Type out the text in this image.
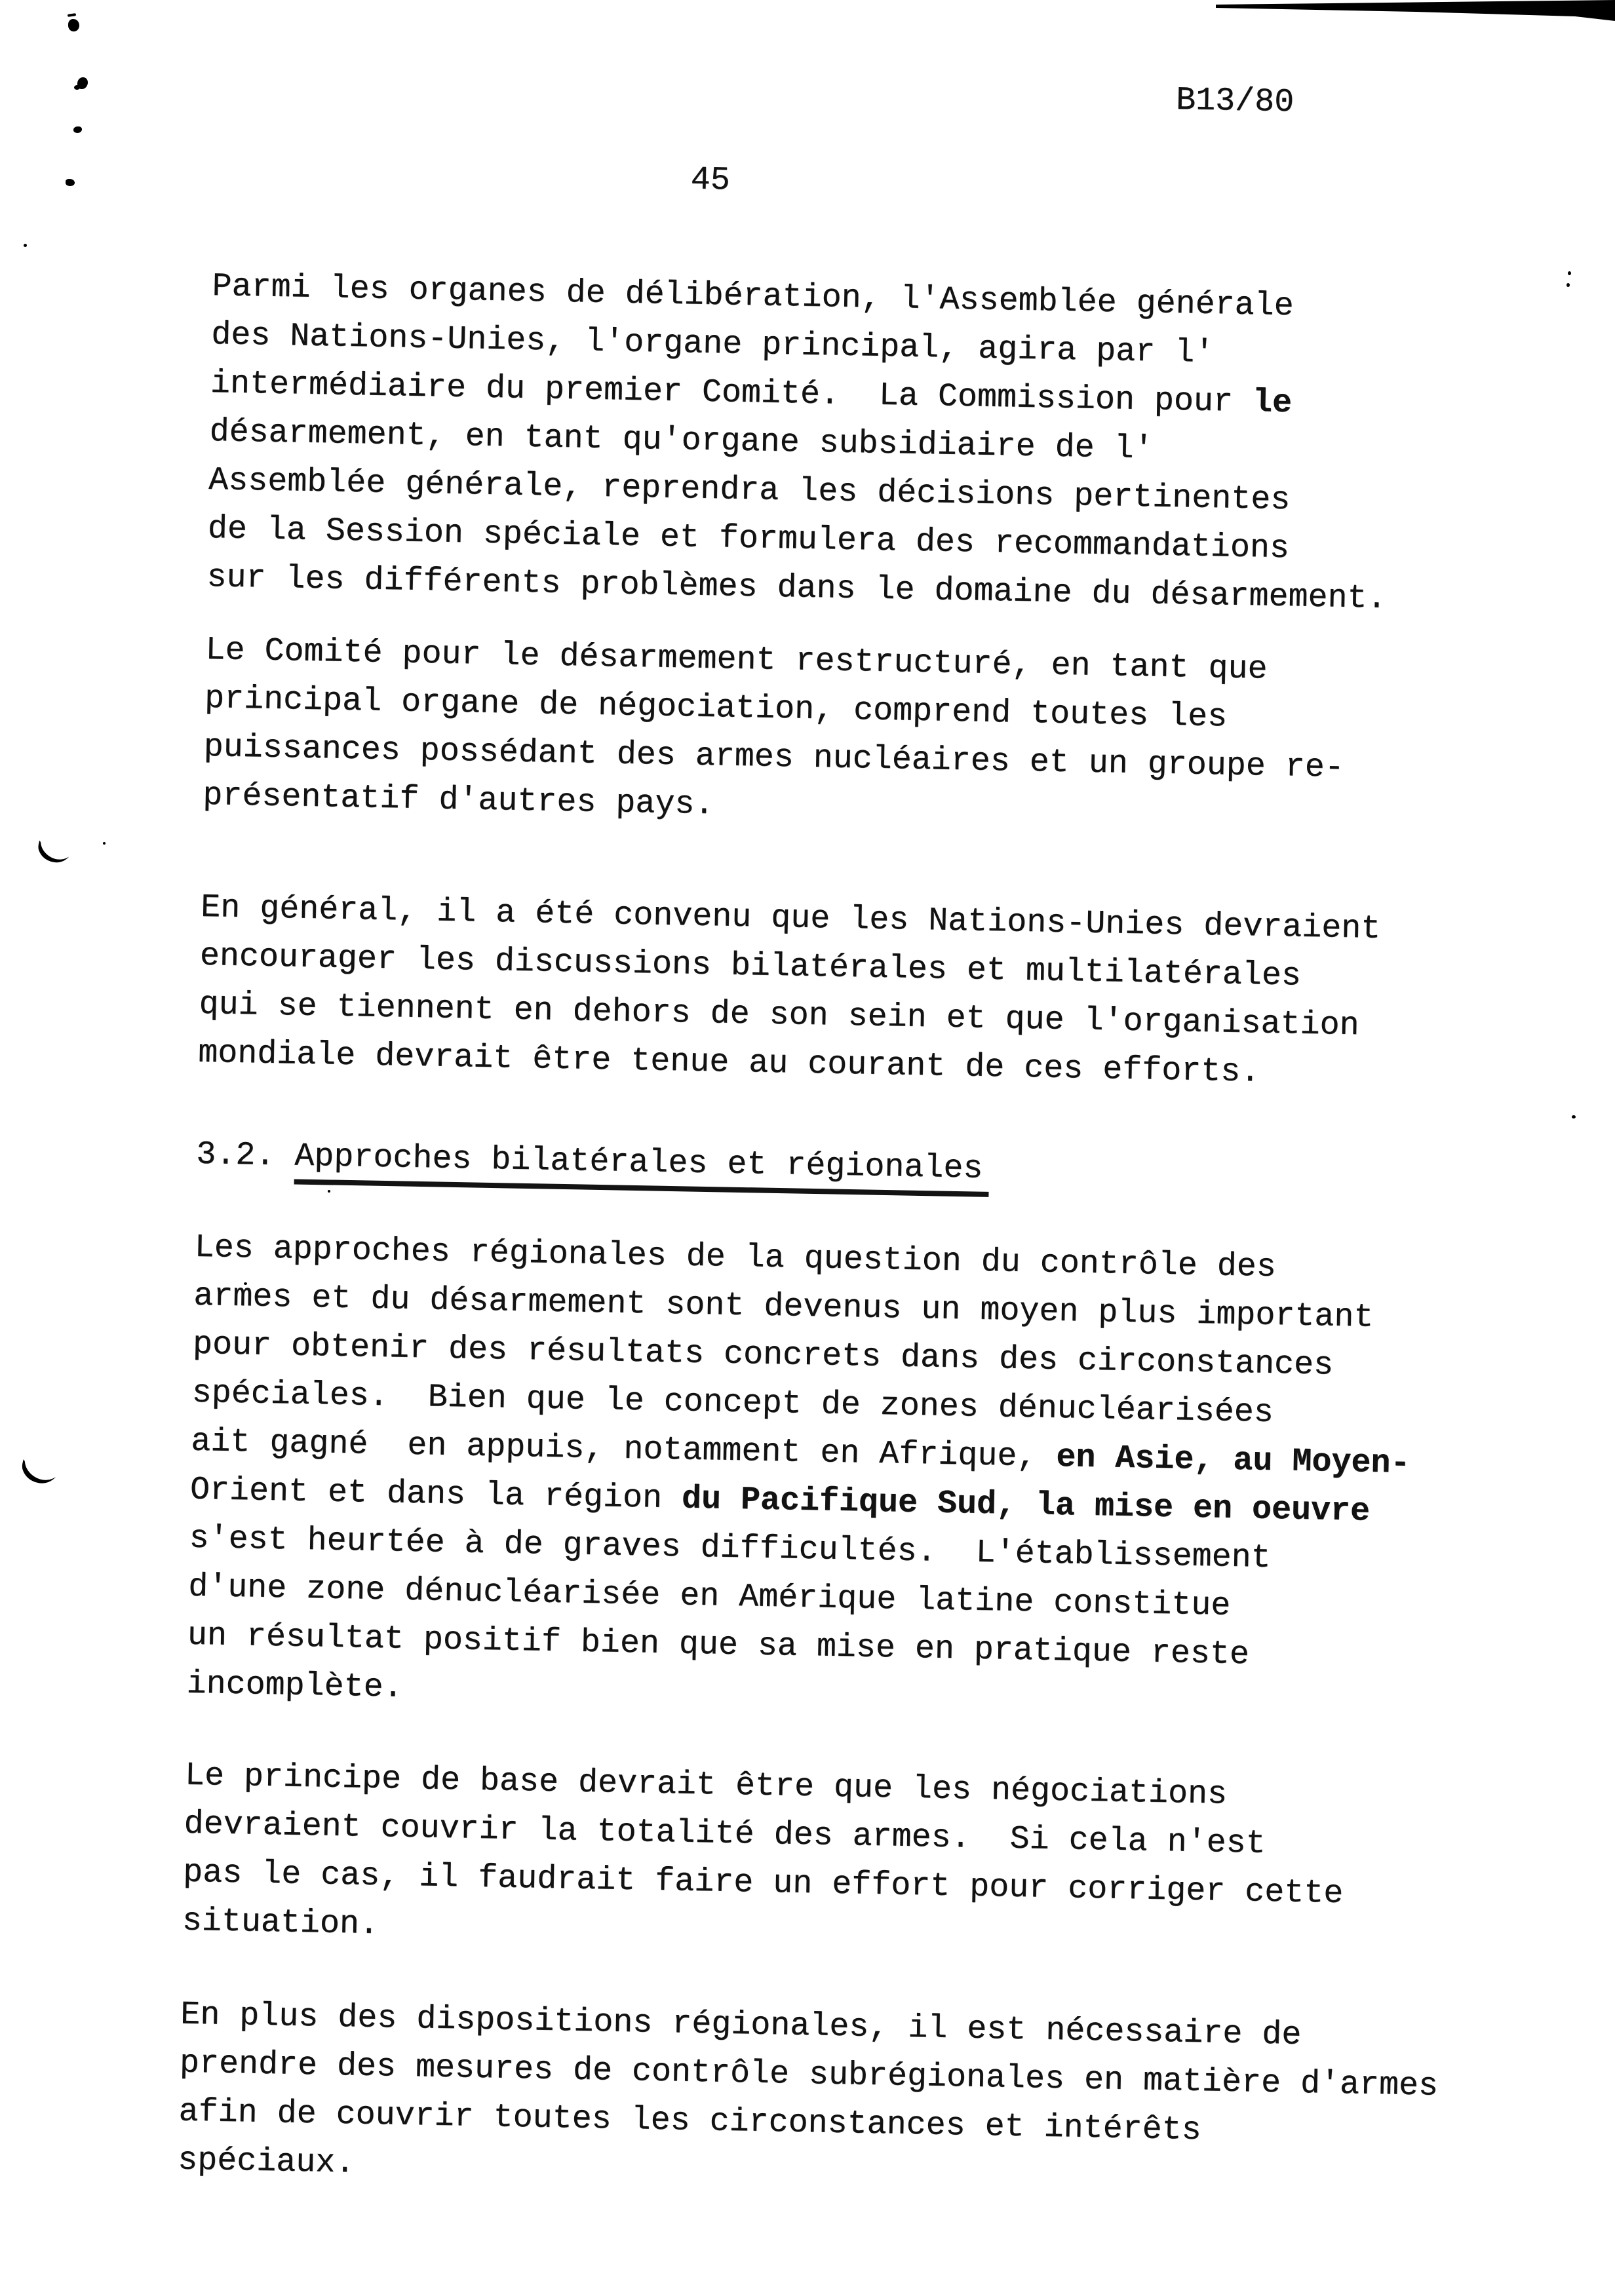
B13/80
45
Parmi les organes de délibération, l'Assemblée générale
des Nations-Unies, l'organe principal, agira par l'
intermédiaire du premier Comité.  La Commission pour le
désarmement, en tant qu'organe subsidiaire de l'
Assemblée générale, reprendra les décisions pertinentes
de la Session spéciale et formulera des recommandations
sur les différents problèmes dans le domaine du désarmement.
Le Comité pour le désarmement restructuré, en tant que
principal organe de négociation, comprend toutes les
puissances possédant des armes nucléaires et un groupe re-
présentatif d'autres pays.
En général, il a été convenu que les Nations-Unies devraient
encourager les discussions bilatérales et multilatérales
qui se tiennent en dehors de son sein et que l'organisation
mondiale devrait être tenue au courant de ces efforts.
3.2. Approches bilatérales et régionales
Les approches régionales de la question du contrôle des
armes et du désarmement sont devenus un moyen plus important
pour obtenir des résultats concrets dans des circonstances
spéciales.  Bien que le concept de zones dénucléarisées
ait gagné  en appuis, notamment en Afrique, en Asie, au Moyen-
Orient et dans la région du Pacifique Sud, la mise en oeuvre
s'est heurtée à de graves difficultés.  L'établissement
d'une zone dénucléarisée en Amérique latine constitue
un résultat positif bien que sa mise en pratique reste
incomplète.
Le principe de base devrait être que les négociations
devraient couvrir la totalité des armes.  Si cela n'est
pas le cas, il faudrait faire un effort pour corriger cette
situation.
En plus des dispositions régionales, il est nécessaire de
prendre des mesures de contrôle subrégionales en matière d'armes
afin de couvrir toutes les circonstances et intérêts
spéciaux.
